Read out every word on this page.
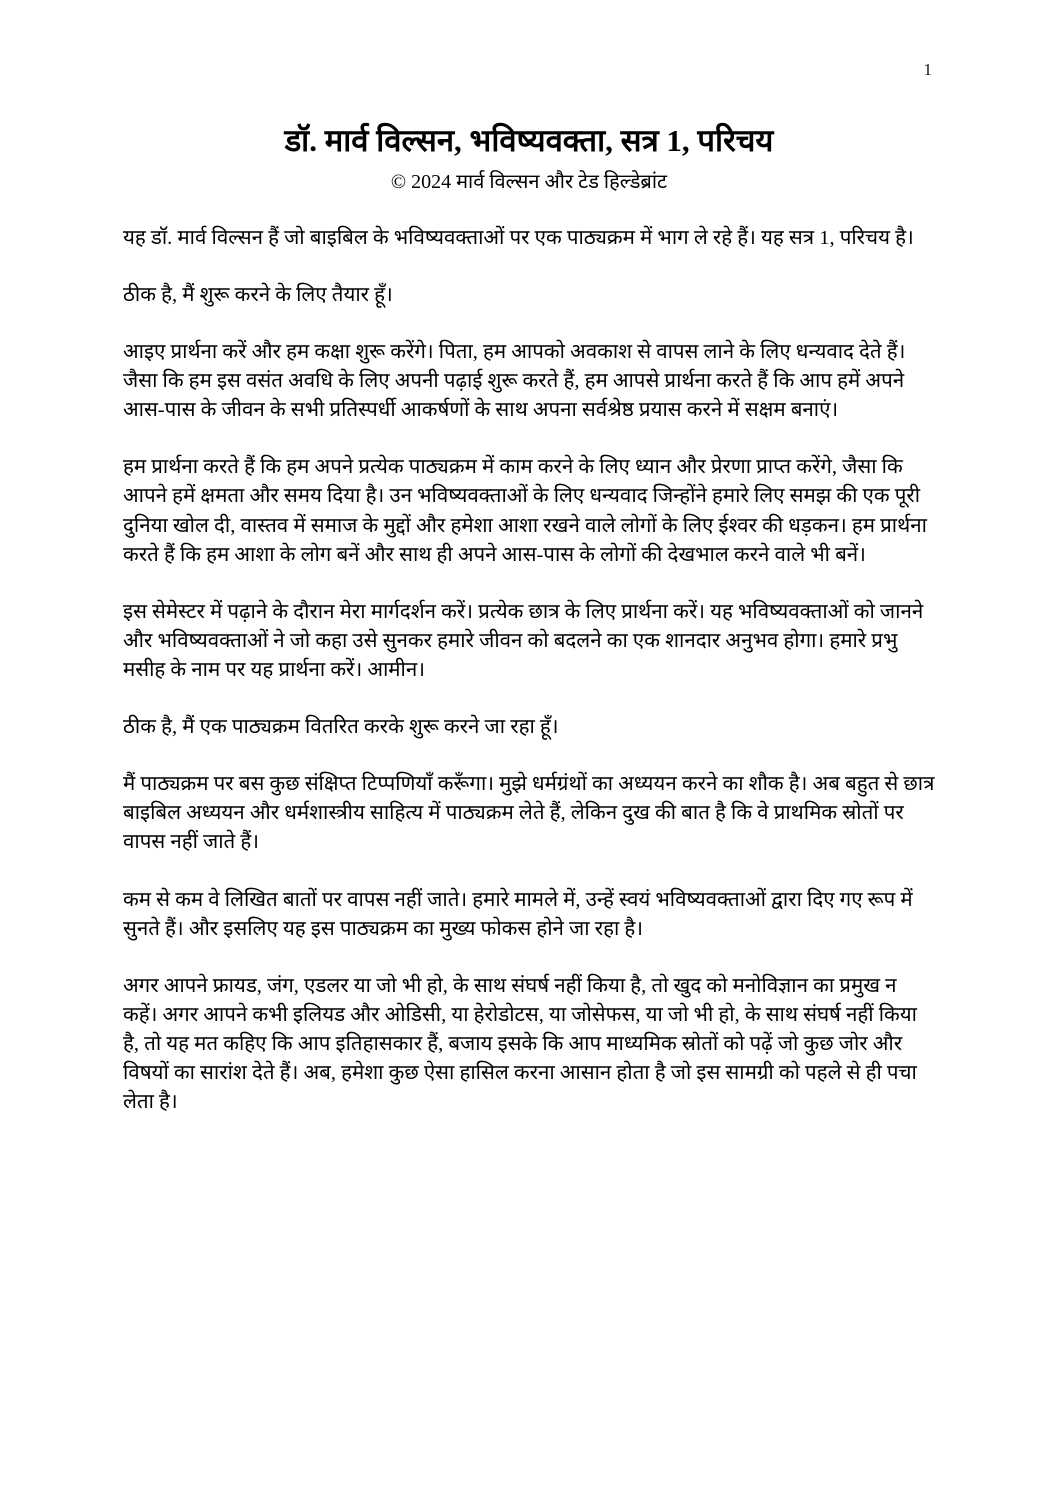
1
डॉ. मार्व विल्सन, भविष्यवक्ता, सत्र 1, परिचय
© 2024 मार्व विल्सन और टेड हिल्डेब्रांट

यह डॉ. मार्व विल्सन हैं जो बाइबिल के भविष्यवक्ताओं पर एक पाठ्यक्रम में भाग ले रहे हैं। यह सत्र 1, परिचय है।

ठीक है, मैं शुरू करने के लिए तैयार हूँ।

आइए प्रार्थना करें और हम कक्षा शुरू करेंगे। पिता, हम आपको अवकाश से वापस लाने के लिए धन्यवाद देते हैं। जैसा कि हम इस वसंत अवधि के लिए अपनी पढ़ाई शुरू करते हैं, हम आपसे प्रार्थना करते हैं कि आप हमें अपने आस-पास के जीवन के सभी प्रतिस्पर्धी आकर्षणों के साथ अपना सर्वश्रेष्ठ प्रयास करने में सक्षम बनाएं।

हम प्रार्थना करते हैं कि हम अपने प्रत्येक पाठ्यक्रम में काम करने के लिए ध्यान और प्रेरणा प्राप्त करेंगे, जैसा कि आपने हमें क्षमता और समय दिया है। उन भविष्यवक्ताओं के लिए धन्यवाद जिन्होंने हमारे लिए समझ की एक पूरी दुनिया खोल दी, वास्तव में समाज के मुद्दों और हमेशा आशा रखने वाले लोगों के लिए ईश्वर की धड़कन। हम प्रार्थना करते हैं कि हम आशा के लोग बनें और साथ ही अपने आस-पास के लोगों की देखभाल करने वाले भी बनें।

इस सेमेस्टर में पढ़ाने के दौरान मेरा मार्गदर्शन करें। प्रत्येक छात्र के लिए प्रार्थना करें। यह भविष्यवक्ताओं को जानने और भविष्यवक्ताओं ने जो कहा उसे सुनकर हमारे जीवन को बदलने का एक शानदार अनुभव होगा। हमारे प्रभु मसीह के नाम पर यह प्रार्थना करें। आमीन।

ठीक है, मैं एक पाठ्यक्रम वितरित करके शुरू करने जा रहा हूँ।

मैं पाठ्यक्रम पर बस कुछ संक्षिप्त टिप्पणियाँ करूँगा। मुझे धर्मग्रंथों का अध्ययन करने का शौक है। अब बहुत से छात्र बाइबिल अध्ययन और धर्मशास्त्रीय साहित्य में पाठ्यक्रम लेते हैं, लेकिन दुख की बात है कि वे प्राथमिक स्रोतों पर वापस नहीं जाते हैं।

कम से कम वे लिखित बातों पर वापस नहीं जाते। हमारे मामले में, उन्हें स्वयं भविष्यवक्ताओं द्वारा दिए गए रूप में सुनते हैं। और इसलिए यह इस पाठ्यक्रम का मुख्य फोकस होने जा रहा है।

अगर आपने फ्रायड, जंग, एडलर या जो भी हो, के साथ संघर्ष नहीं किया है, तो खुद को मनोविज्ञान का प्रमुख न कहें। अगर आपने कभी इलियड और ओडिसी, या हेरोडोटस, या जोसेफस, या जो भी हो, के साथ संघर्ष नहीं किया है, तो यह मत कहिए कि आप इतिहासकार हैं, बजाय इसके कि आप माध्यमिक स्रोतों को पढ़ें जो कुछ जोर और विषयों का सारांश देते हैं। अब, हमेशा कुछ ऐसा हासिल करना आसान होता है जो इस सामग्री को पहले से ही पचा लेता है।
